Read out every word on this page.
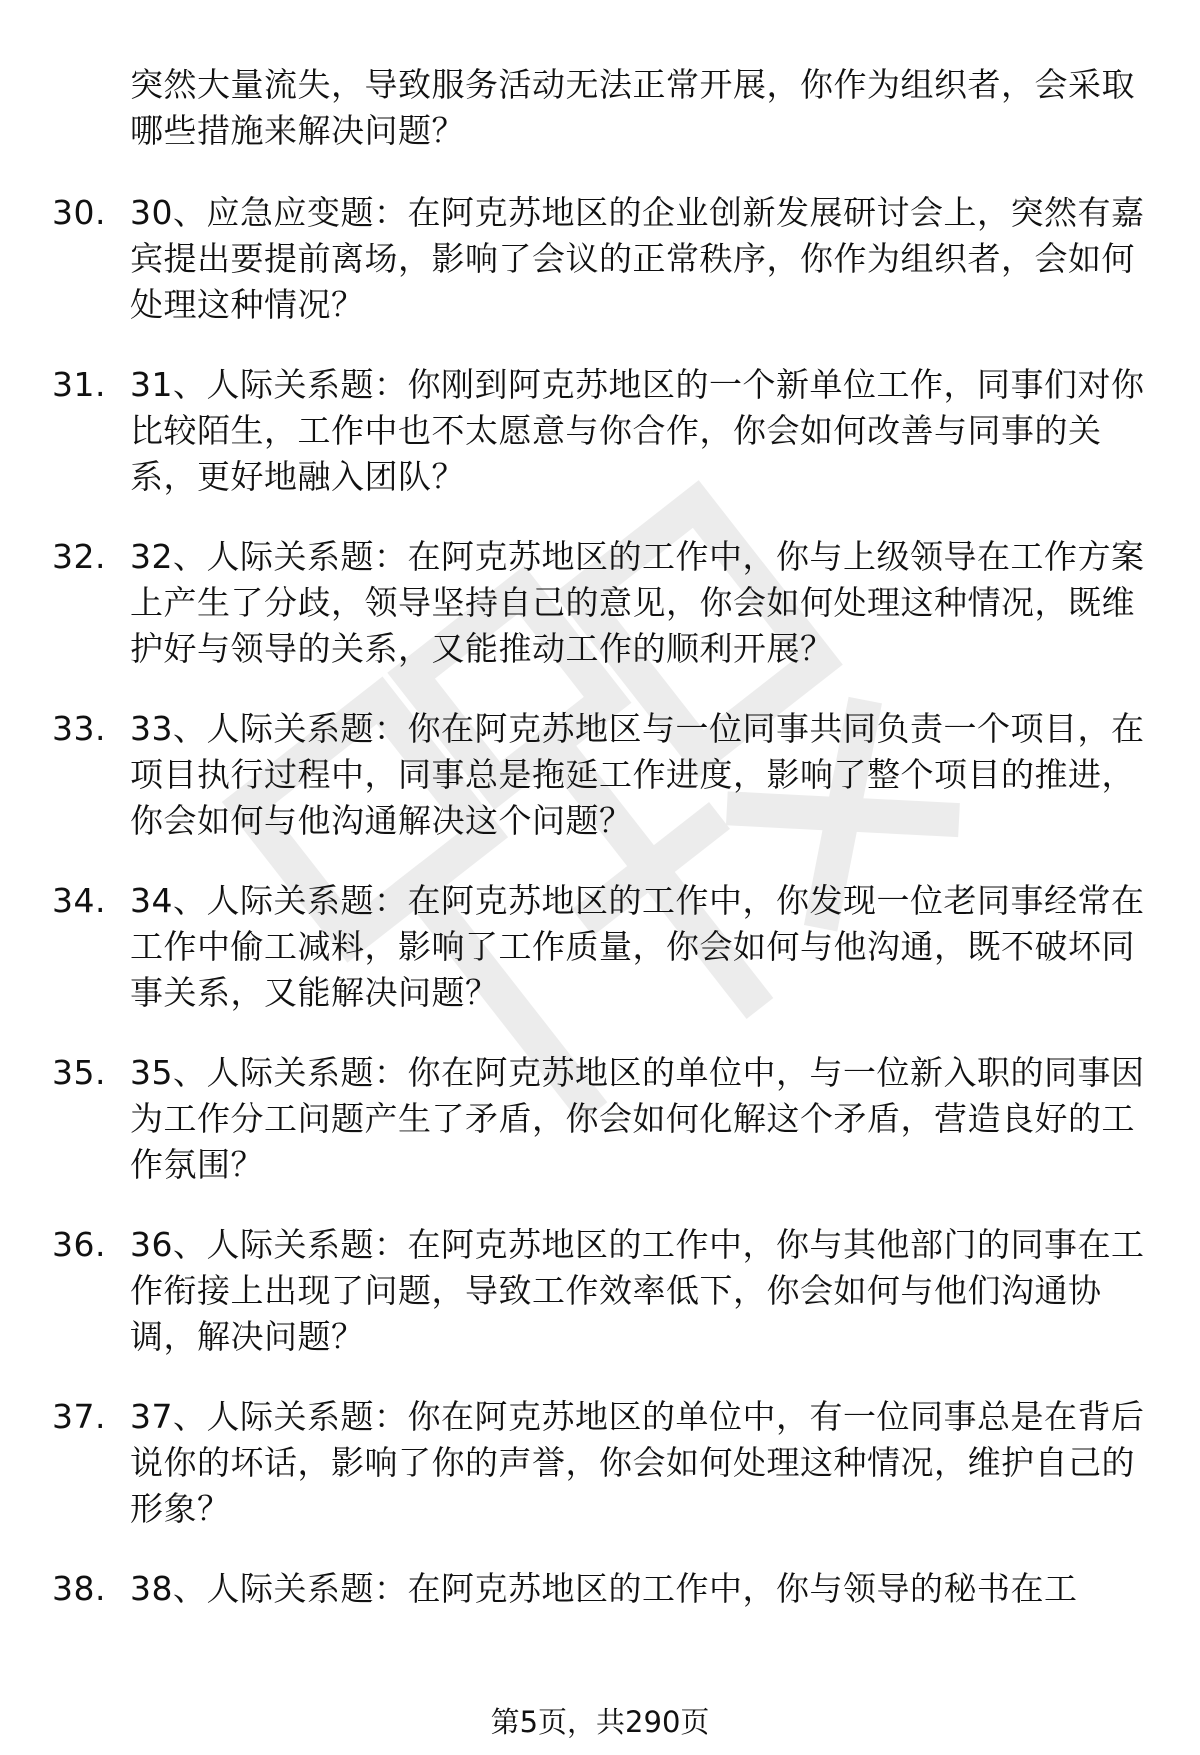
突然大量流失，导致服务活动无法正常开展，你作为组织者，会采取哪些措施来解决问题？
30. 30、应急应变题：在阿克苏地区的企业创新发展研讨会上，突然有嘉宾提出要提前离场，影响了会议的正常秩序，你作为组织者，会如何处理这种情况？
31. 31、人际关系题：你刚到阿克苏地区的一个新单位工作，同事们对你比较陌生，工作中也不太愿意与你合作，你会如何改善与同事的关系，更好地融入团队？
32. 32、人际关系题：在阿克苏地区的工作中，你与上级领导在工作方案上产生了分歧，领导坚持自己的意见，你会如何处理这种情况，既维护好与领导的关系，又能推动工作的顺利开展？
33. 33、人际关系题：你在阿克苏地区与一位同事共同负责一个项目，在项目执行过程中，同事总是拖延工作进度，影响了整个项目的推进，你会如何与他沟通解决这个问题？
34. 34、人际关系题：在阿克苏地区的工作中，你发现一位老同事经常在工作中偷工减料，影响了工作质量，你会如何与他沟通，既不破坏同事关系，又能解决问题？
35. 35、人际关系题：你在阿克苏地区的单位中，与一位新入职的同事因为工作分工问题产生了矛盾，你会如何化解这个矛盾，营造良好的工作氛围？
36. 36、人际关系题：在阿克苏地区的工作中，你与其他部门的同事在工作衔接上出现了问题，导致工作效率低下，你会如何与他们沟通协调，解决问题？
37. 37、人际关系题：你在阿克苏地区的单位中，有一位同事总是在背后说你的坏话，影响了你的声誉，你会如何处理这种情况，维护自己的形象？
38. 38、人际关系题：在阿克苏地区的工作中，你与领导的秘书在工
第5页，共290页
